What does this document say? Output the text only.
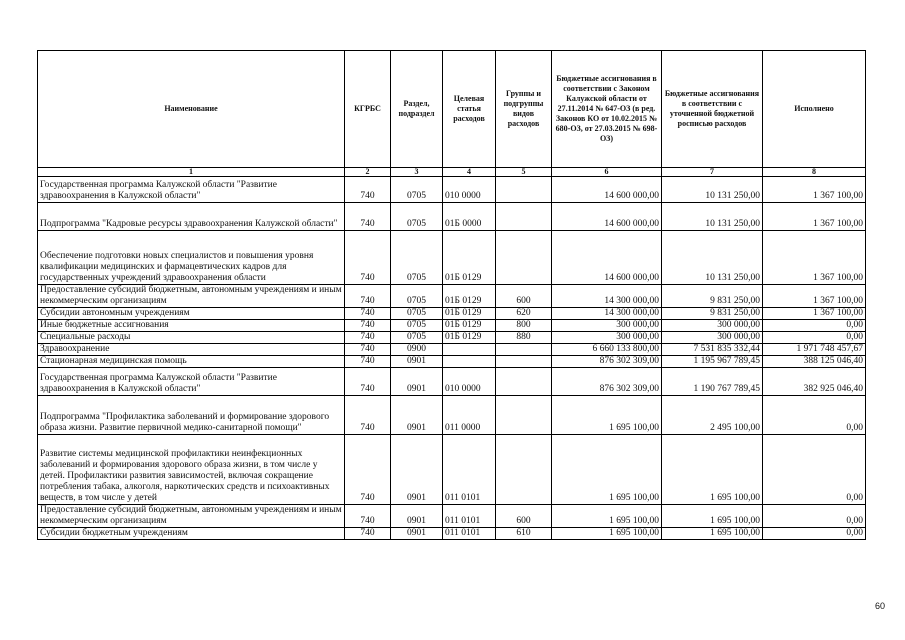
Наименование	КГРБС	Раздел, подраздел	Целевая статья расходов	Группы и подгруппы видов расходов	Бюджетные ассигнования в соответствии с Законом Калужской области от 27.11.2014 № 647-ОЗ (в ред. Законов КО от 10.02.2015 № 680-ОЗ, от 27.03.2015 № 698-ОЗ)	Бюджетные ассигнования в соответствии с уточненной бюджетной росписью расходов	Исполнено
1	2	3	4	5	6	7	8
Государственная программа Калужской области "Развитие здравоохранения в Калужской области"	740	0705	010 0000		14 600 000,00	10 131 250,00	1 367 100,00
Подпрограмма "Кадровые ресурсы здравоохранения Калужской области"	740	0705	01Б 0000		14 600 000,00	10 131 250,00	1 367 100,00
Обеспечение подготовки новых специалистов и повышения уровня квалификации медицинских и фармацевтических кадров для государственных учреждений здравоохранения области	740	0705	01Б 0129		14 600 000,00	10 131 250,00	1 367 100,00
Предоставление субсидий бюджетным, автономным учреждениям и иным некоммерческим организациям	740	0705	01Б 0129	600	14 300 000,00	9 831 250,00	1 367 100,00
Субсидии автономным учреждениям	740	0705	01Б 0129	620	14 300 000,00	9 831 250,00	1 367 100,00
Иные бюджетные ассигнования	740	0705	01Б 0129	800	300 000,00	300 000,00	0,00
Специальные расходы	740	0705	01Б 0129	880	300 000,00	300 000,00	0,00
Здравоохранение	740	0900			6 660 133 800,00	7 531 835 332,44	1 971 748 457,67
Стационарная медицинская помощь	740	0901			876 302 309,00	1 195 967 789,45	388 125 046,40
Государственная программа Калужской области "Развитие здравоохранения в Калужской области"	740	0901	010 0000		876 302 309,00	1 190 767 789,45	382 925 046,40
Подпрограмма "Профилактика заболеваний и формирование здорового образа жизни. Развитие первичной медико-санитарной помощи"	740	0901	011 0000		1 695 100,00	2 495 100,00	0,00
Развитие системы медицинской профилактики неинфекционных заболеваний и формирования здорового образа жизни, в том числе у детей. Профилактики развития зависимостей, включая сокращение потребления табака, алкоголя, наркотических средств и психоактивных веществ, в том числе у детей	740	0901	011 0101		1 695 100,00	1 695 100,00	0,00
Предоставление субсидий бюджетным, автономным учреждениям и иным некоммерческим организациям	740	0901	011 0101	600	1 695 100,00	1 695 100,00	0,00
Субсидии бюджетным учреждениям	740	0901	011 0101	610	1 695 100,00	1 695 100,00	0,00
60
